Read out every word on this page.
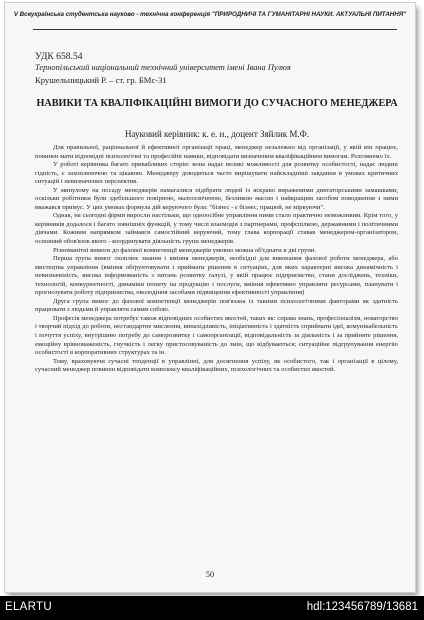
V Всеукраїнська студентська науково - технічна конференція "ПРИРОДНИЧІ ТА ГУМАНІТАРНІ НАУКИ. АКТУАЛЬНІ ПИТАННЯ"
УДК 658.54
Тернопільський національний технічний університет імені Івана Пулюя
Крушельницький Р. – ст. гр. БМс-31
НАВИКИ ТА КВАЛІФІКАЦІЙНІ ВИМОГИ ДО СУЧАСНОГО МЕНЕДЖЕРА
Науковий керівник: к. е. н., доцент Зяйлик М.Ф.

Для правильної, раціональної й ефективної організації праці, менеджер незалежно від організації, у якій він працює, повинен мати відповідні психологічні та професійні навики, відповідати визначеним кваліфікаційним вимогам. Розглянемо їх.

У роботі керівника багато привабливих сторін: вона надає великі можливості для розвитку особистості, надає людині гідність, є захоплюючою та цікавою. Менеджеру доводиться часто вирішувати найскладніші завдання в умовах критичних ситуацій і невизначених перспектив.

У минулому на посаду менеджерів намагалися підібрати людей із яскраво вираженими диктаторськими замашками, оскільки робітники були здебільшого покірною, малоосвіченою, безликою масою і найкращим засобом поводження з ними вважався примус. У цих умовах формула дій керуючого була: "бізнес - є бізнес, працюй, не міркуючи".

Однак, на сьогодні фірми виросли настільки, що одноосібне управління ними стало практично неможливим. Крім того, у керівників додалося і багато зовнішніх функцій, у тому числі взаємодія з партнерами, профспілкою, державними і політичними діячами. Кожним напрямком займався самостійний керуючий, тому глава корпорації ставав менеджером-організатором, основний обов'язок якого - координувати діяльність групи менеджерів.

Різноманітні вимоги до фахової компетенції менеджерів умовно можна об'єднати в дві групи.

Перша група вимог охоплює знання і вміння менеджерів, необхідні для виконання фахової роботи менеджера, або мистецтва управління (вміння обґрунтовувати і приймати рішення в ситуаціях, для яких характерні висока динамічність і невизначеність, висока інформованість з питань розвитку галузі, у якій працює підприємство, стани досліджень, техніки, технологій, конкурентності, динаміки попиту на продукцію і послуги, вміння ефективно управляти ресурсами, планувати і прогнозувати роботу підприємства, оволодіння засобами підвищення ефективності управління)

Друга група вимог до фахової компетенції менеджерів пов'язана із такими психологічними факторами як здатність працювати з людьми й управляти самим собою.

Професія менеджера потребує також відповідних особистих якостей, таких як: справа знань, професіоналізм, новаторство і творчий підхід до роботи, нестандартне мислення, винахідливість, ініціативність і здатність сприймати ідеї, комунікабельність і почуття успіху, внутрішню потребу до саморозвитку і самоорганізації, відповідальність за діяльність і за прийняте рішення, емоційну врівноваженість, гнучкість і легку пристосовуваність до змін, що відбуваються; ситуаційне підгрупування енергію особистості в корпоративних структурах та ін.

Тому, враховуючи сучасні тенденції в управлінні, для досягнення успіху, як особистого, так і організації в цілому, сучасний менеджер повинен відповідати комплексу кваліфікаційних, психологічних та особистих якостей.

50
ELARTU	hdl:123456789/13681
